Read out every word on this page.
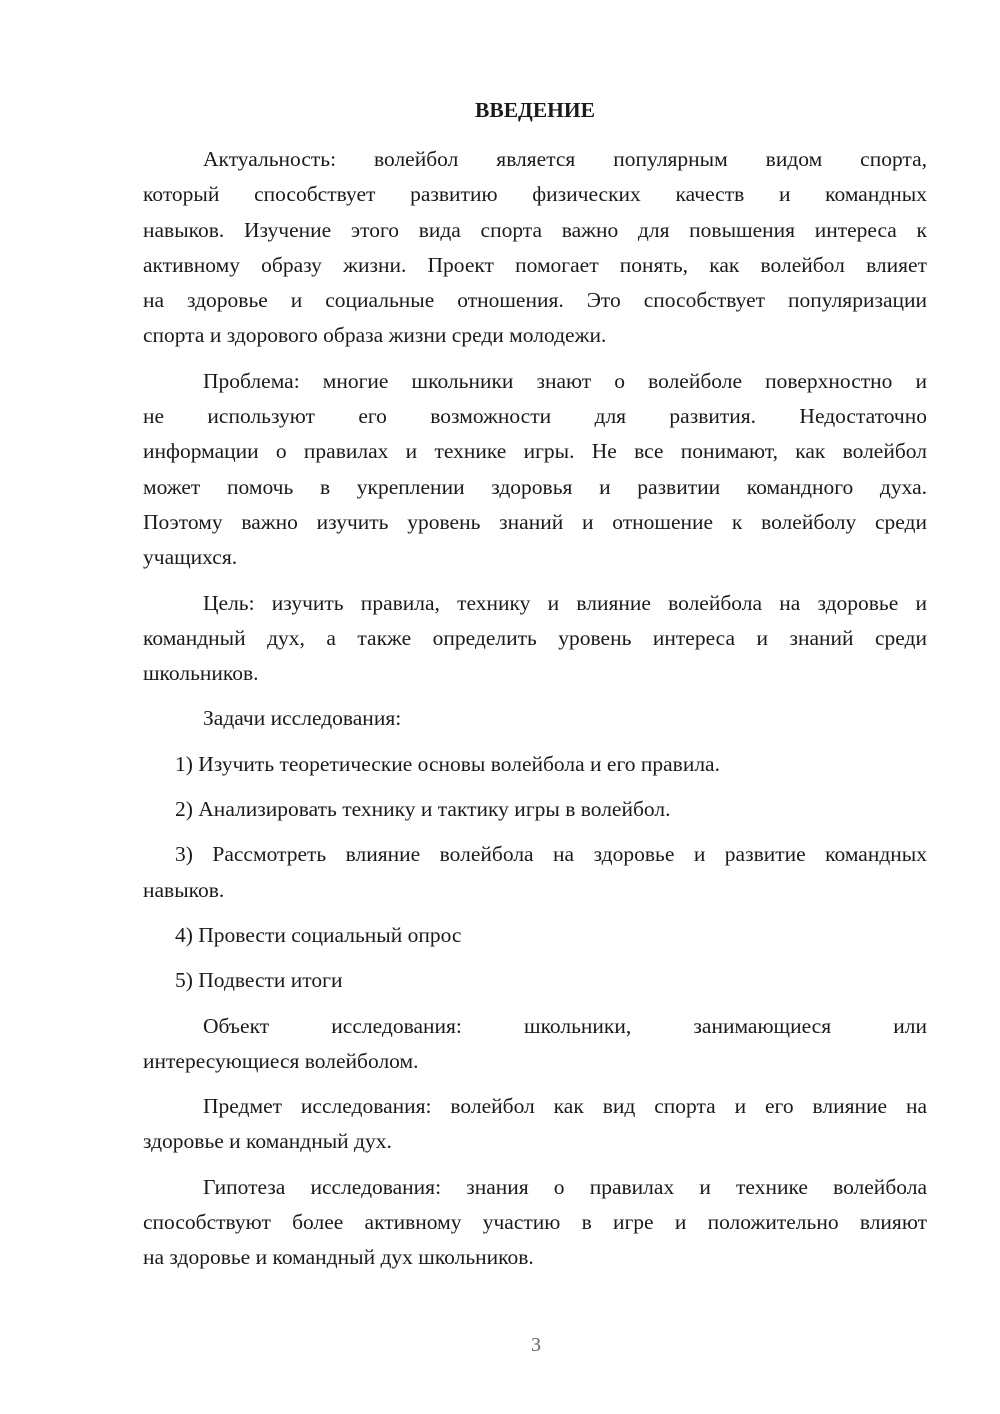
ВВЕДЕНИЕ
Актуальность: волейбол является популярным видом спорта,
который способствует развитию физических качеств и командных
навыков. Изучение этого вида спорта важно для повышения интереса к
активному образу жизни. Проект помогает понять, как волейбол влияет
на здоровье и социальные отношения. Это способствует популяризации
спорта и здорового образа жизни среди молодежи.
Проблема: многие школьники знают о волейболе поверхностно и
не используют его возможности для развития. Недостаточно
информации о правилах и технике игры. Не все понимают, как волейбол
может помочь в укреплении здоровья и развитии командного духа.
Поэтому важно изучить уровень знаний и отношение к волейболу среди
учащихся.
Цель: изучить правила, технику и влияние волейбола на здоровье и
командный дух, а также определить уровень интереса и знаний среди
школьников.
Задачи исследования:
1) Изучить теоретические основы волейбола и его правила.
2) Анализировать технику и тактику игры в волейбол.
3) Рассмотреть влияние волейбола на здоровье и развитие командных
навыков.
4) Провести социальный опрос
5) Подвести итоги
Объект исследования: школьники, занимающиеся или
интересующиеся волейболом.
Предмет исследования: волейбол как вид спорта и его влияние на
здоровье и командный дух.
Гипотеза исследования: знания о правилах и технике волейбола
способствуют более активному участию в игре и положительно влияют
на здоровье и командный дух школьников.
3
